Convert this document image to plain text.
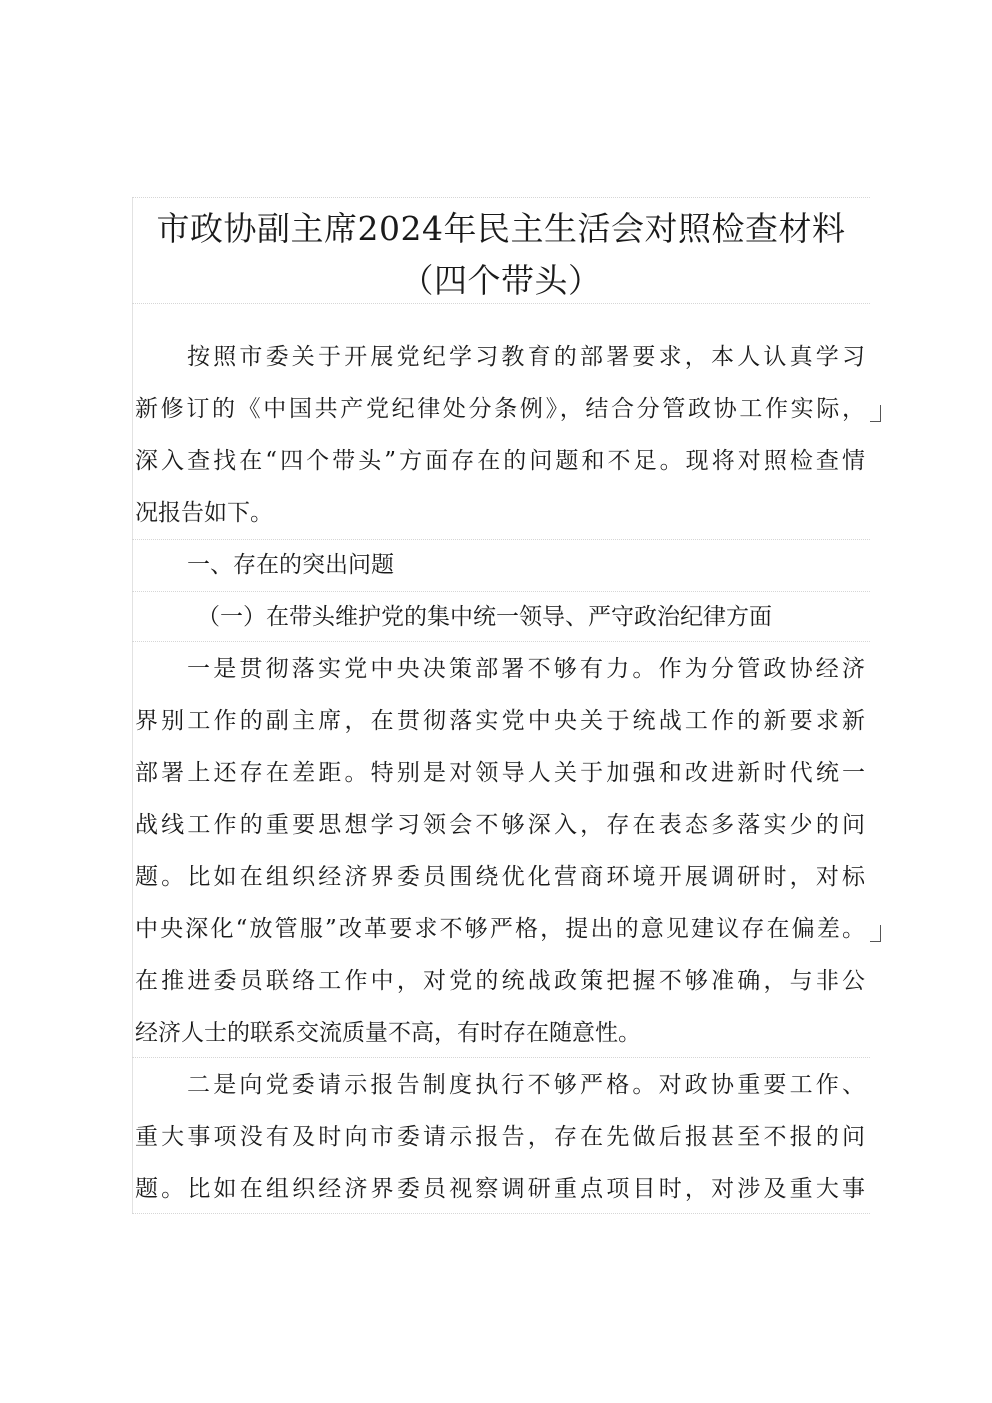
市政协副主席2024年民主生活会对照检查材料
（四个带头）
按照市委关于开展党纪学习教育的部署要求，本人认真学习
新修订的《中国共产党纪律处分条例》，结合分管政协工作实际，
深入查找在“四个带头”方面存在的问题和不足。现将对照检查情
况报告如下。
一、存在的突出问题
（一）在带头维护党的集中统一领导、严守政治纪律方面
一是贯彻落实党中央决策部署不够有力。作为分管政协经济
界别工作的副主席，在贯彻落实党中央关于统战工作的新要求新
部署上还存在差距。特别是对领导人关于加强和改进新时代统一
战线工作的重要思想学习领会不够深入，存在表态多落实少的问
题。比如在组织经济界委员围绕优化营商环境开展调研时，对标
中央深化“放管服”改革要求不够严格，提出的意见建议存在偏差。
在推进委员联络工作中，对党的统战政策把握不够准确，与非公
经济人士的联系交流质量不高，有时存在随意性。
二是向党委请示报告制度执行不够严格。对政协重要工作、
重大事项没有及时向市委请示报告，存在先做后报甚至不报的问
题。比如在组织经济界委员视察调研重点项目时，对涉及重大事
